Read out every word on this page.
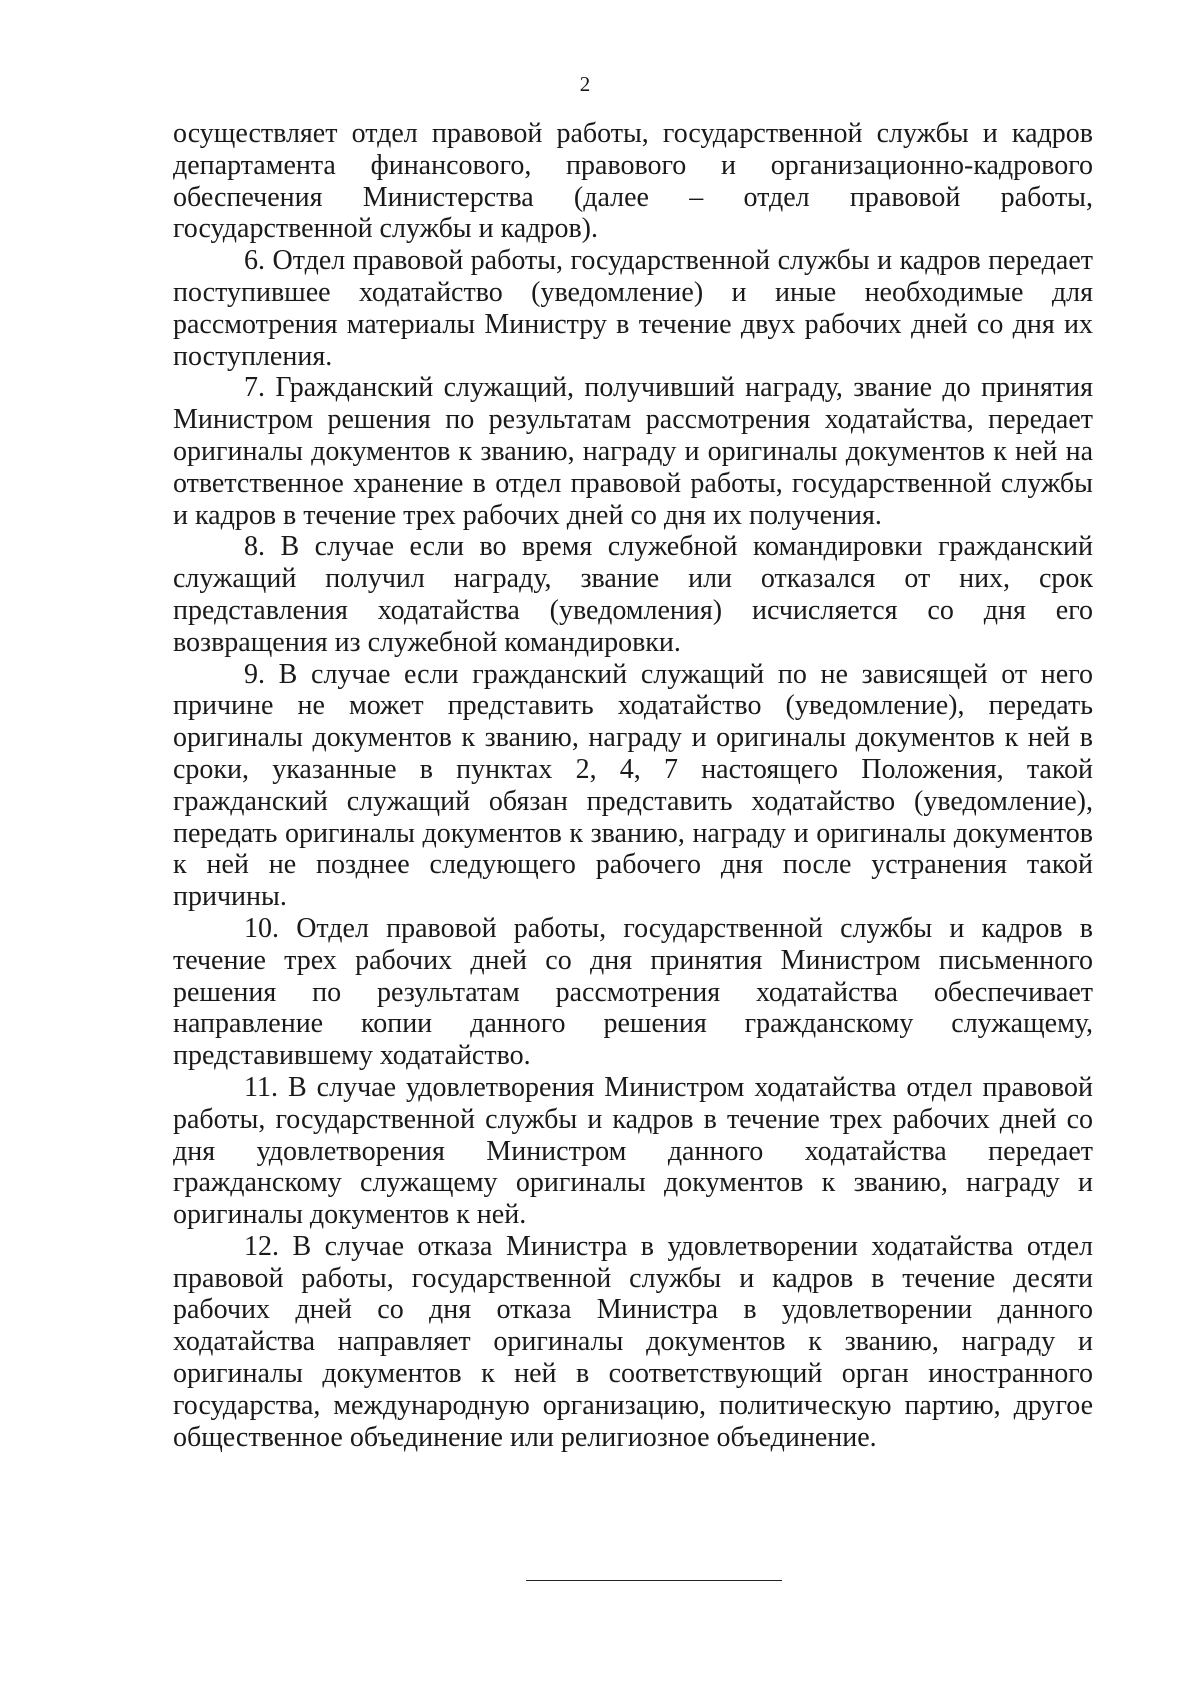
2

осуществляет отдел правовой работы, государственной службы и кадров департамента финансового, правового и организационно-кадрового обеспечения Министерства (далее – отдел правовой работы, государственной службы и кадров).

6. Отдел правовой работы, государственной службы и кадров передает поступившее ходатайство (уведомление) и иные необходимые для рассмотрения материалы Министру в течение двух рабочих дней со дня их поступления.

7. Гражданский служащий, получивший награду, звание до принятия Министром решения по результатам рассмотрения ходатайства, передает оригиналы документов к званию, награду и оригиналы документов к ней на ответственное хранение в отдел правовой работы, государственной службы и кадров в течение трех рабочих дней со дня их получения.

8. В случае если во время служебной командировки гражданский служащий получил награду, звание или отказался от них, срок представления ходатайства (уведомления) исчисляется со дня его возвращения из служебной командировки.

9. В случае если гражданский служащий по не зависящей от него причине не может представить ходатайство (уведомление), передать оригиналы документов к званию, награду и оригиналы документов к ней в сроки, указанные в пунктах 2, 4, 7 настоящего Положения, такой гражданский служащий обязан представить ходатайство (уведомление), передать оригиналы документов к званию, награду и оригиналы документов к ней не позднее следующего рабочего дня после устранения такой причины.

10. Отдел правовой работы, государственной службы и кадров в течение трех рабочих дней со дня принятия Министром письменного решения по результатам рассмотрения ходатайства обеспечивает направление копии данного решения гражданскому служащему, представившему ходатайство.

11. В случае удовлетворения Министром ходатайства отдел правовой работы, государственной службы и кадров в течение трех рабочих дней со дня удовлетворения Министром данного ходатайства передает гражданскому служащему оригиналы документов к званию, награду и оригиналы документов к ней.

12. В случае отказа Министра в удовлетворении ходатайства отдел правовой работы, государственной службы и кадров в течение десяти рабочих дней со дня отказа Министра в удовлетворении данного ходатайства направляет оригиналы документов к званию, награду и оригиналы документов к ней в соответствующий орган иностранного государства, международную организацию, политическую партию, другое общественное объединение или религиозное объединение.
